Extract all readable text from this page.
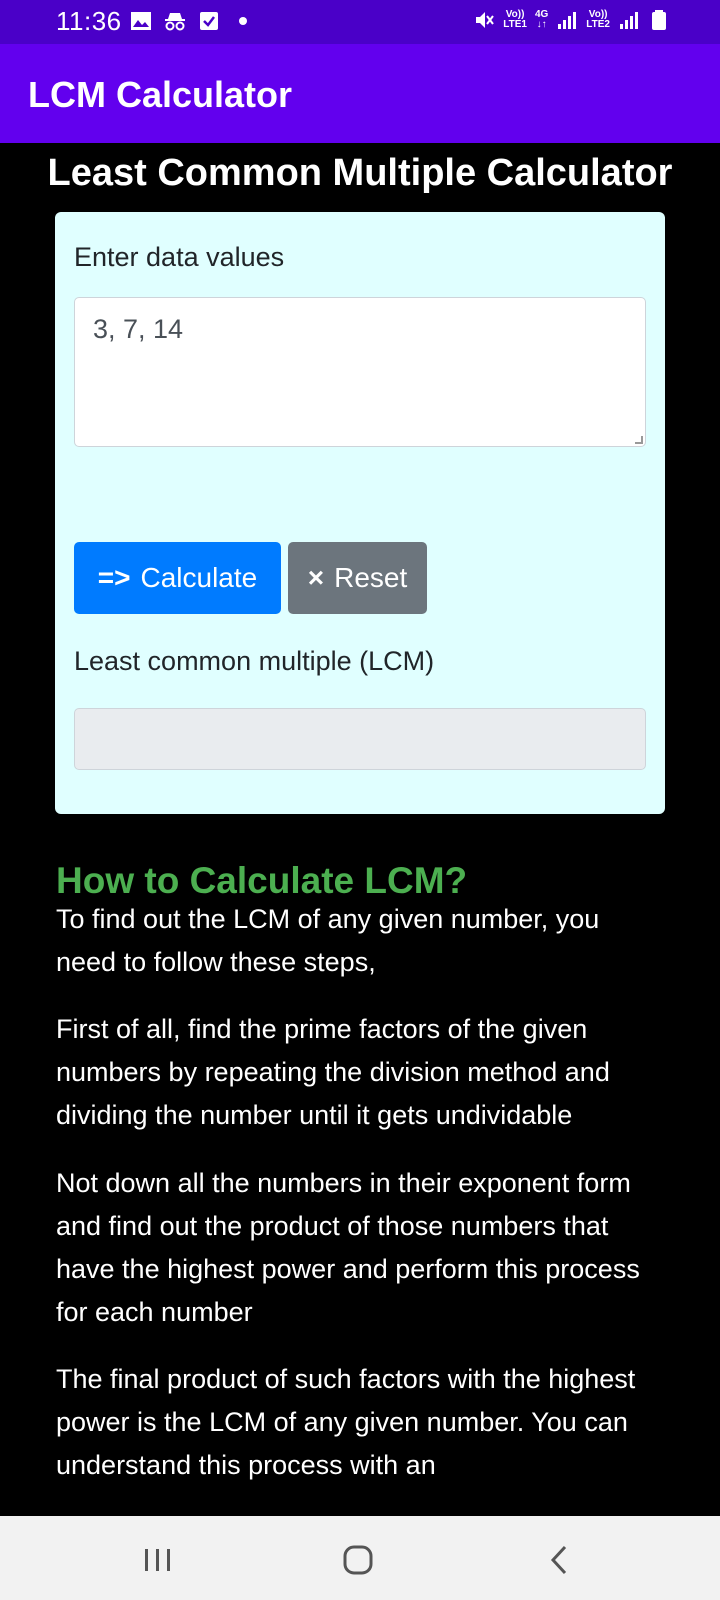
11:36	Vo))
LTE1
4G
↓↑
Vo))
LTE2
LCM Calculator
Least Common Multiple Calculator
Enter data values
3, 7, 14
=> Calculate × Reset
Least common multiple (LCM)
How to Calculate LCM?

To find out the LCM of any given number, you need to follow these steps,

First of all, find the prime factors of the given numbers by repeating the division method and dividing the number until it gets undividable

Not down all the numbers in their exponent form and find out the product of those numbers that have the highest power and perform this process for each number

The final product of such factors with the highest power is the LCM of any given number. You can understand this process with an
